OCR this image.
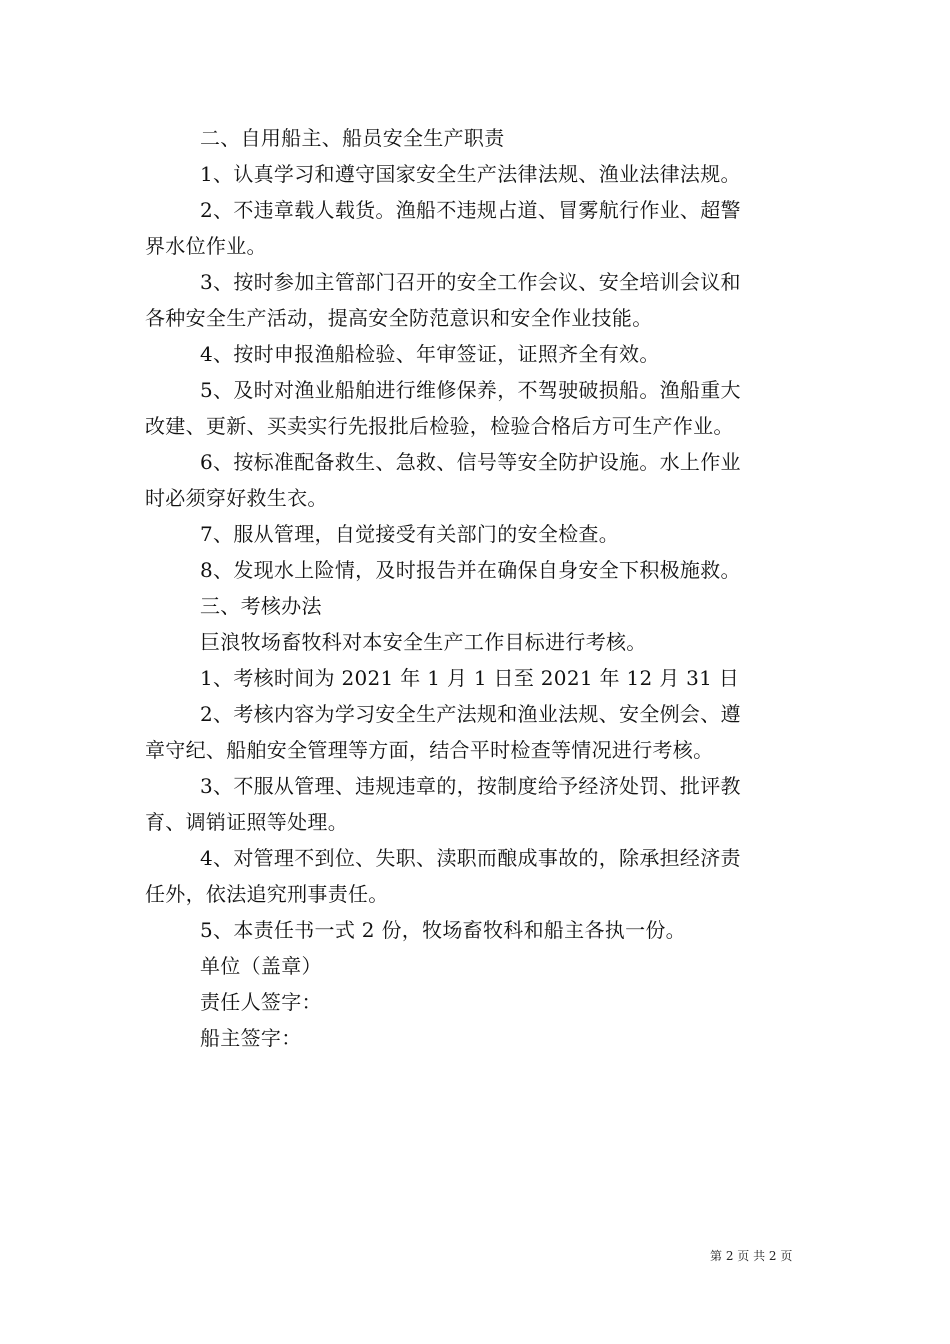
二、自用船主、船员安全生产职责
1、认真学习和遵守国家安全生产法律法规、渔业法律法规。
2、不违章载人载货。渔船不违规占道、冒雾航行作业、超警
界水位作业。
3、按时参加主管部门召开的安全工作会议、安全培训会议和
各种安全生产活动，提高安全防范意识和安全作业技能。
4、按时申报渔船检验、年审签证，证照齐全有效。
5、及时对渔业船舶进行维修保养，不驾驶破损船。渔船重大
改建、更新、买卖实行先报批后检验，检验合格后方可生产作业。
6、按标准配备救生、急救、信号等安全防护设施。水上作业
时必须穿好救生衣。
7、服从管理，自觉接受有关部门的安全检查。
8、发现水上险情，及时报告并在确保自身安全下积极施救。
三、考核办法
巨浪牧场畜牧科对本安全生产工作目标进行考核。
1、考核时间为 2021 年 1 月 1 日至 2021 年 12 月 31 日
2、考核内容为学习安全生产法规和渔业法规、安全例会、遵
章守纪、船舶安全管理等方面，结合平时检查等情况进行考核。
3、不服从管理、违规违章的，按制度给予经济处罚、批评教
育、调销证照等处理。
4、对管理不到位、失职、渎职而酿成事故的，除承担经济责
任外，依法追究刑事责任。
5、本责任书一式 2 份，牧场畜牧科和船主各执一份。
单位（盖章）
责任人签字：
船主签字：
第 2 页 共 2 页
